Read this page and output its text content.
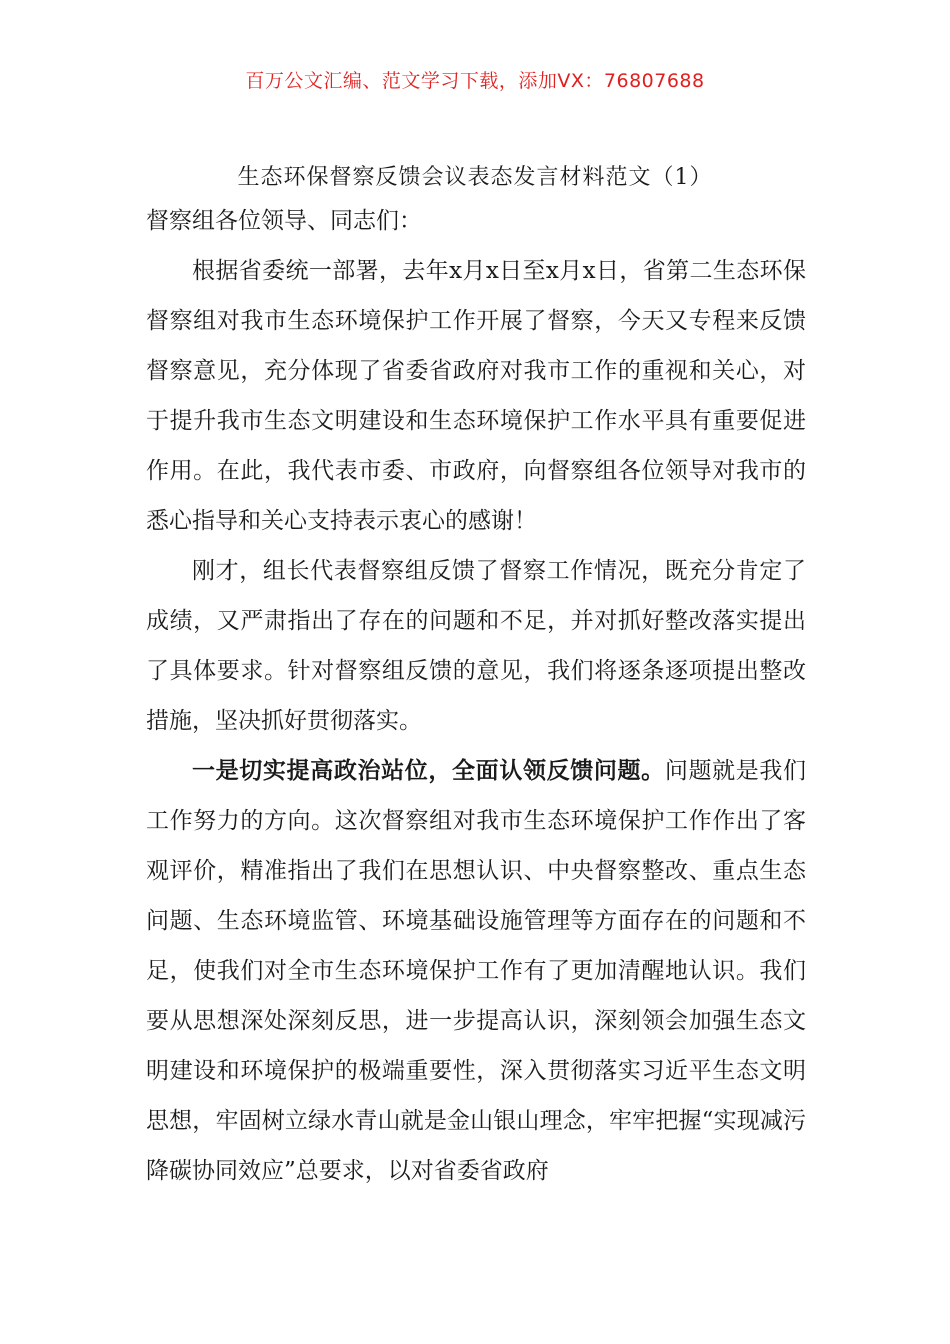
百万公文汇编、范文学习下载，添加VX：76807688
生态环保督察反馈会议表态发言材料范文（1）

督察组各位领导、同志们：

根据省委统一部署，去年x月x日至x月x日，省第二生态环保督察组对我市生态环境保护工作开展了督察，今天又专程来反馈督察意见，充分体现了省委省政府对我市工作的重视和关心，对于提升我市生态文明建设和生态环境保护工作水平具有重要促进作用。在此，我代表市委、市政府，向督察组各位领导对我市的悉心指导和关心支持表示衷心的感谢！

刚才，组长代表督察组反馈了督察工作情况，既充分肯定了成绩，又严肃指出了存在的问题和不足，并对抓好整改落实提出了具体要求。针对督察组反馈的意见，我们将逐条逐项提出整改措施，坚决抓好贯彻落实。

一是切实提高政治站位，全面认领反馈问题。问题就是我们工作努力的方向。这次督察组对我市生态环境保护工作作出了客观评价，精准指出了我们在思想认识、中央督察整改、重点生态问题、生态环境监管、环境基础设施管理等方面存在的问题和不足，使我们对全市生态环境保护工作有了更加清醒地认识。我们要从思想深处深刻反思，进一步提高认识，深刻领会加强生态文明建设和环境保护的极端重要性，深入贯彻落实习近平生态文明思想，牢固树立绿水青山就是金山银山理念，牢牢把握“实现减污降碳协同效应”总要求，以对省委省政府
